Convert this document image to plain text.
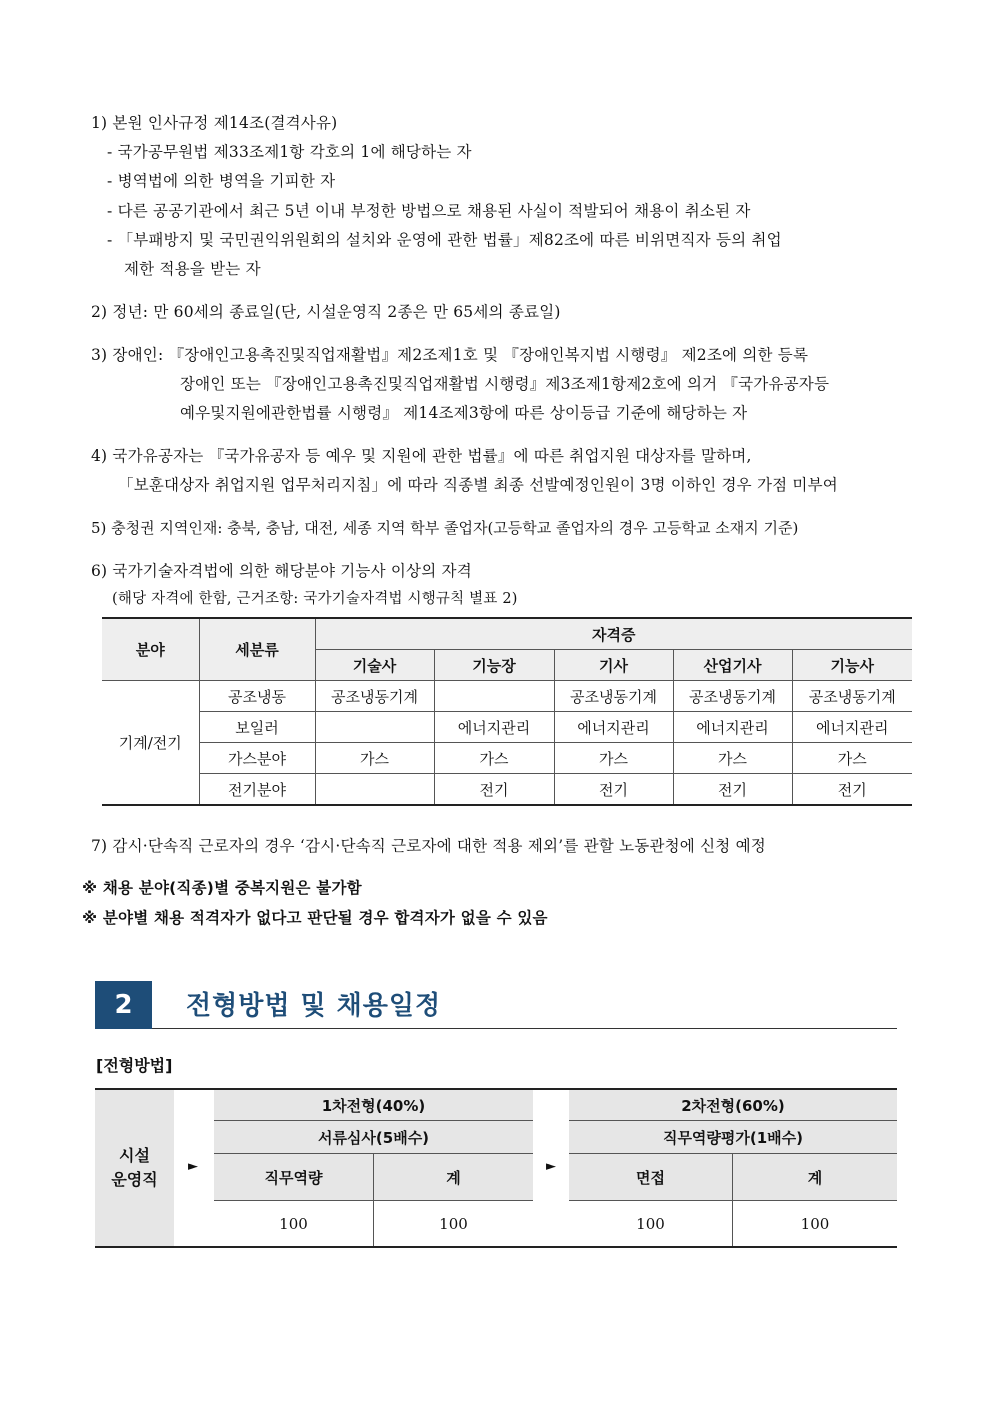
1) 본원 인사규정 제14조(결격사유)
- 국가공무원법 제33조제1항 각호의 1에 해당하는 자
- 병역법에 의한 병역을 기피한 자
- 다른 공공기관에서 최근 5년 이내 부정한 방법으로 채용된 사실이 적발되어 채용이 취소된 자
- 「부패방지 및 국민권익위원회의 설치와 운영에 관한 법률」제82조에 따른 비위면직자 등의 취업
제한 적용을 받는 자
2) 정년: 만 60세의 종료일(단, 시설운영직 2종은 만 65세의 종료일)
3) 장애인: 『장애인고용촉진및직업재활법』제2조제1호 및 『장애인복지법 시행령』 제2조에 의한 등록
장애인 또는 『장애인고용촉진및직업재활법 시행령』제3조제1항제2호에 의거 『국가유공자등
예우및지원에관한법률 시행령』 제14조제3항에 따른 상이등급 기준에 해당하는 자
4) 국가유공자는 『국가유공자 등 예우 및 지원에 관한 법률』에 따른 취업지원 대상자를 말하며,
「보훈대상자 취업지원 업무처리지침」에 따라 직종별 최종 선발예정인원이 3명 이하인 경우 가점 미부여
5) 충청권 지역인재: 충북, 충남, 대전, 세종 지역 학부 졸업자(고등학교 졸업자의 경우 고등학교 소재지 기준)
6) 국가기술자격법에 의한 해당분야 기능사 이상의 자격
(해당 자격에 한함, 근거조항: 국가기술자격법 시행규칙 별표 2)
분야	세분류	자격증				
		기술사	기능장	기사	산업기사	기능사
기계/전기	공조냉동	공조냉동기계		공조냉동기계	공조냉동기계	공조냉동기계
	보일러		에너지관리	에너지관리	에너지관리	에너지관리
	가스분야	가스	가스	가스	가스	가스
	전기분야		전기	전기	전기	전기
7) 감시·단속직 근로자의 경우 ‘감시·단속직 근로자에 대한 적용 제외’를 관할 노동관청에 신청 예정
※ 채용 분야(직종)별 중복지원은 불가함
※ 분야별 채용 적격자가 없다고 판단될 경우 합격자가 없을 수 있음
2	전형방법 및 채용일정
[전형방법]
시설
운영직
►	►
1차전형(40%)
서류심사(5배수)
직무역량	계
100	100
2차전형(60%)
직무역량평가(1배수)
면접	계
100	100
